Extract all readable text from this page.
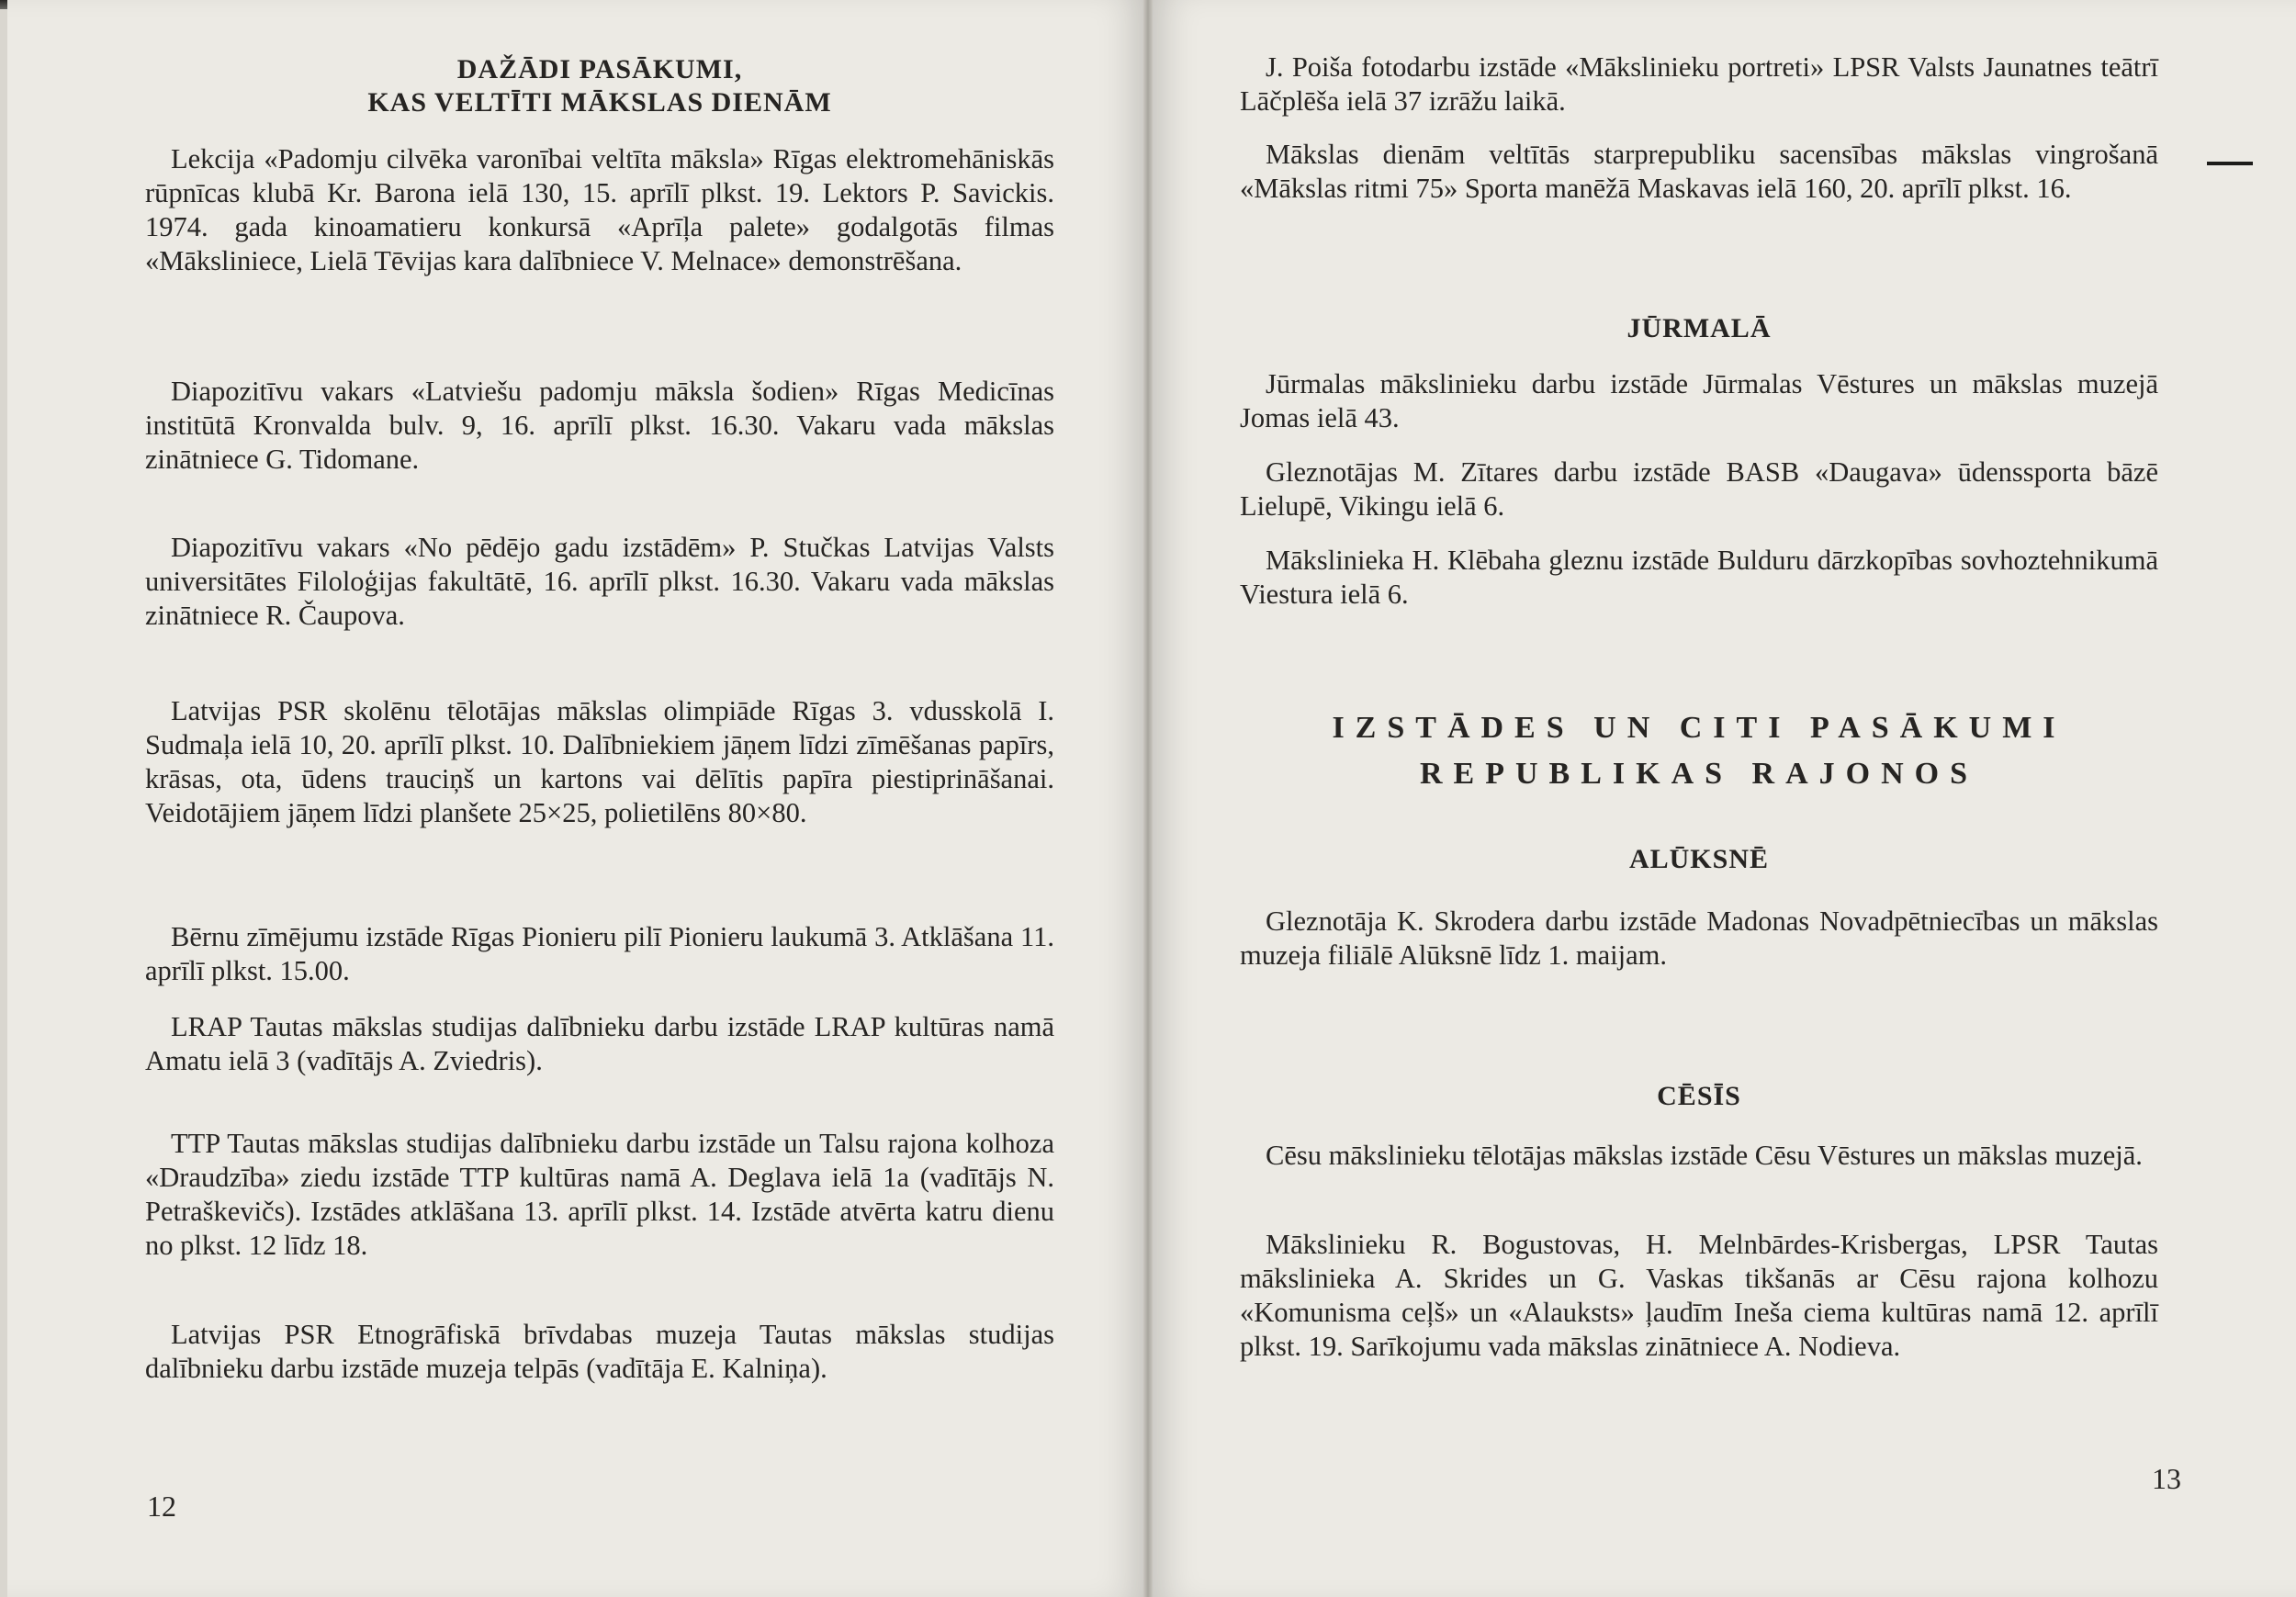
DAŽĀDI PASĀKUMI,
KAS VELTĪTI MĀKSLAS DIENĀM

Lekcija «Padomju cilvēka varonībai veltīta māksla» Rīgas elektromehāniskās rūpnīcas klubā Kr. Barona ielā 130, 15. aprīlī plkst. 19. Lektors P. Savickis. 1974. gada kinoamatieru konkursā «Aprīļa palete» godalgotās filmas «Māksliniece, Lielā Tēvijas kara dalībniece V. Melnace» demonstrēšana.

Diapozitīvu vakars «Latviešu padomju māksla šodien» Rīgas Medicīnas institūtā Kronvalda bulv. 9, 16. aprīlī plkst. 16.30. Vakaru vada mākslas zinātniece G. Tidomane.

Diapozitīvu vakars «No pēdējo gadu izstādēm» P. Stučkas Latvijas Valsts universitātes Filoloģijas fakultātē, 16. aprīlī plkst. 16.30. Vakaru vada mākslas zinātniece R. Čaupova.

Latvijas PSR skolēnu tēlotājas mākslas olimpiāde Rīgas 3. vdusskolā I. Sudmaļa ielā 10, 20. aprīlī plkst. 10. Dalībniekiem jāņem līdzi zīmēšanas papīrs, krāsas, ota, ūdens trauciņš un kartons vai dēlītis papīra piestiprināšanai. Veidotājiem jāņem līdzi planšete 25×25, polietilēns 80×80.

Bērnu zīmējumu izstāde Rīgas Pionieru pilī Pionieru laukumā 3. Atklāšana 11. aprīlī plkst. 15.00.

LRAP Tautas mākslas studijas dalībnieku darbu izstāde LRAP kultūras namā Amatu ielā 3 (vadītājs A. Zviedris).

TTP Tautas mākslas studijas dalībnieku darbu izstāde un Talsu rajona kolhoza «Draudzība» ziedu izstāde TTP kultūras namā A. Deglava ielā 1a (vadītājs N. Petraškevičs). Izstādes atklāšana 13. aprīlī plkst. 14. Izstāde atvērta katru dienu no plkst. 12 līdz 18.

Latvijas PSR Etnogrāfiskā brīvdabas muzeja Tautas mākslas studijas dalībnieku darbu izstāde muzeja telpās (vadītāja E. Kalniņa).

12

J. Poiša fotodarbu izstāde «Mākslinieku portreti» LPSR Valsts Jaunatnes teātrī Lāčplēša ielā 37 izrāžu laikā.

Mākslas dienām veltītās starprepubliku sacensības mākslas vingrošanā «Mākslas ritmi 75» Sporta manēžā Maskavas ielā 160, 20. aprīlī plkst. 16.

JŪRMALĀ

Jūrmalas mākslinieku darbu izstāde Jūrmalas Vēstures un mākslas muzejā Jomas ielā 43.

Gleznotājas M. Zītares darbu izstāde BASB «Daugava» ūdenssporta bāzē Lielupē, Vikingu ielā 6.

Mākslinieka H. Klēbaha gleznu izstāde Bulduru dārzkopības sovhoztehnikumā Viestura ielā 6.

IZSTĀDES UN CITI PASĀKUMI
REPUBLIKAS RAJONOS
ALŪKSNĒ

Gleznotāja K. Skrodera darbu izstāde Madonas Novadpētniecības un mākslas muzeja filiālē Alūksnē līdz 1. maijam.

CĒSĪS

Cēsu mākslinieku tēlotājas mākslas izstāde Cēsu Vēstures un mākslas muzejā.

Mākslinieku R. Bogustovas, H. Melnbārdes-Krisbergas, LPSR Tautas mākslinieka A. Skrides un G. Vaskas tikšanās ar Cēsu rajona kolhozu «Komunisma ceļš» un «Alauksts» ļaudīm Ineša ciema kultūras namā 12. aprīlī plkst. 19. Sarīkojumu vada mākslas zinātniece A. Nodieva.

13
